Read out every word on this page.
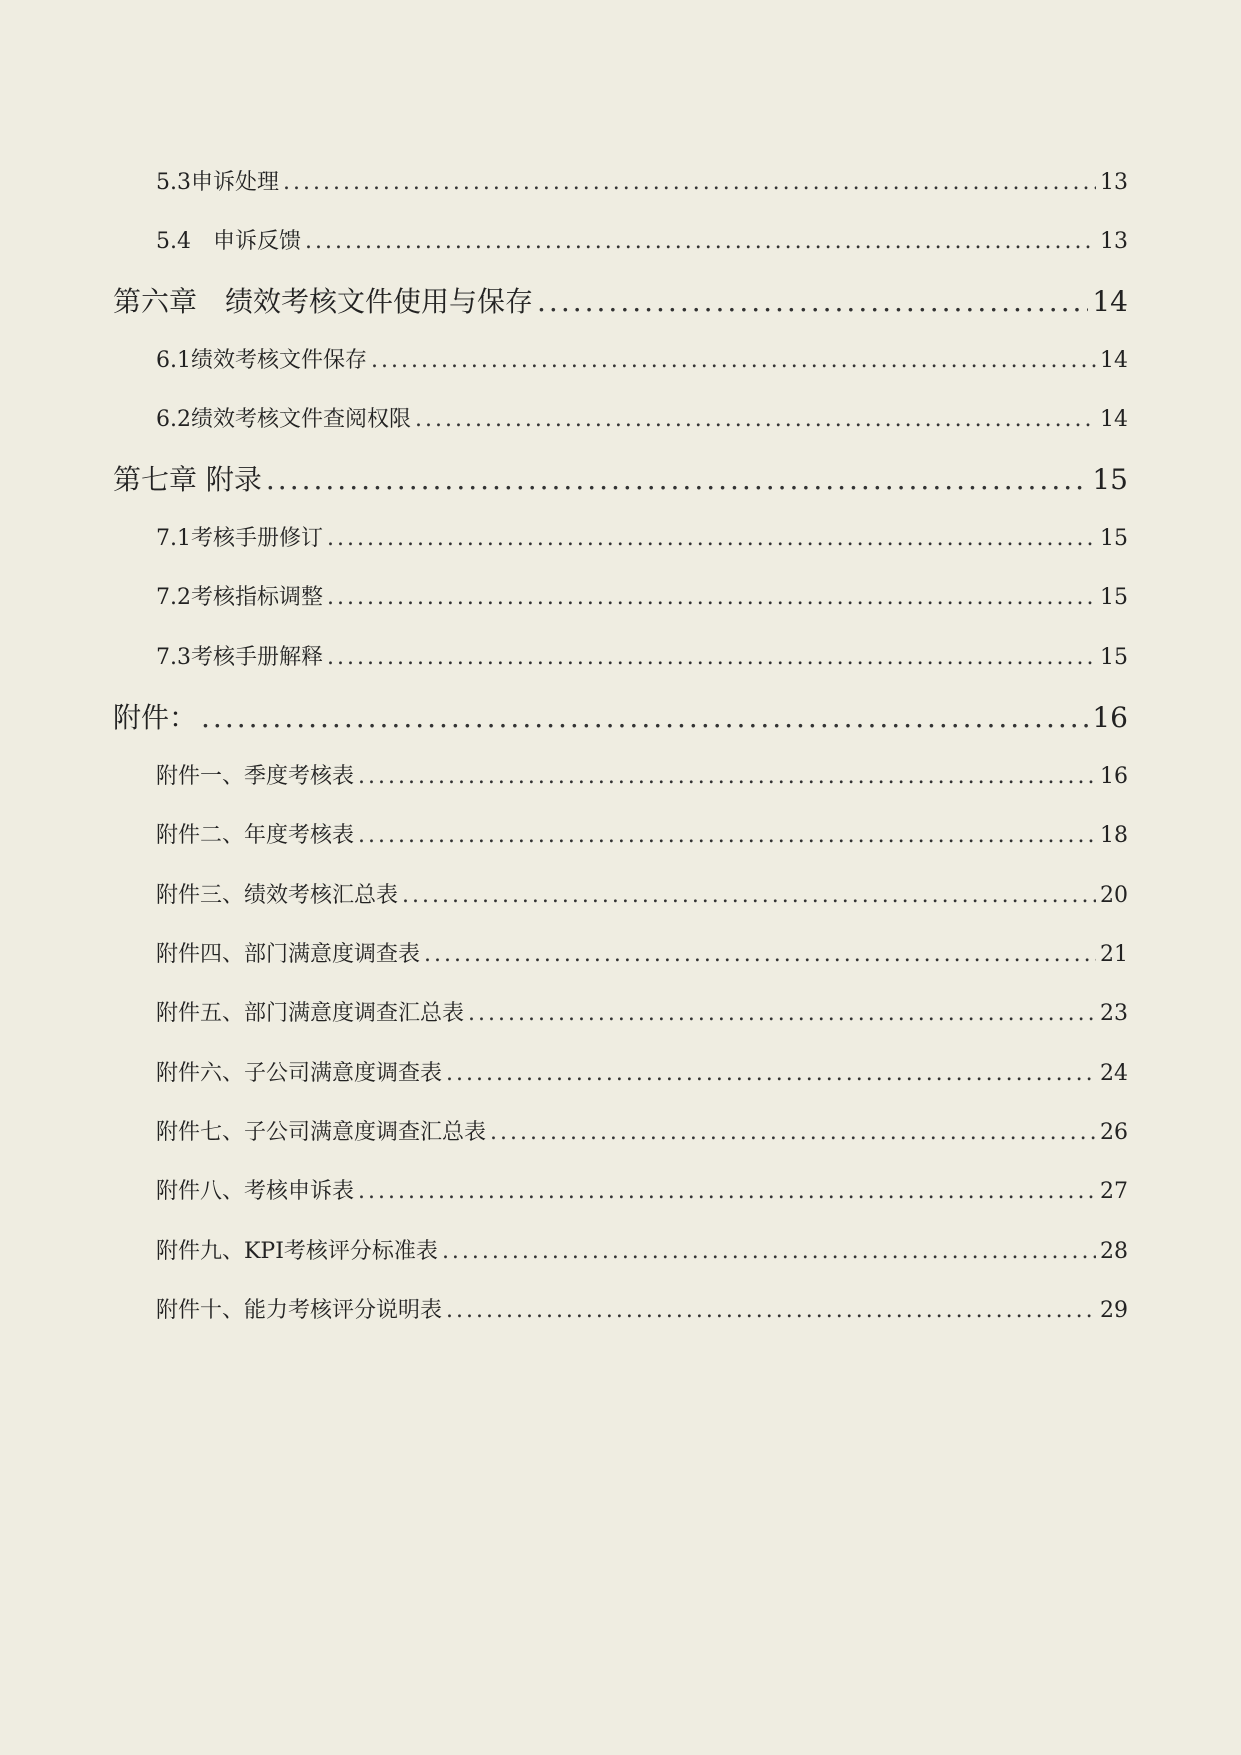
5.3申诉处理 .....	13
5.4　申诉反馈 .....	13
第六章　绩效考核文件使用与保存 .....	14
6.1绩效考核文件保存 .....	14
6.2绩效考核文件查阅权限 .....	14
第七章 附录 .....	15
7.1考核手册修订 .....	15
7.2考核指标调整 .....	15
7.3考核手册解释 .....	15
附件： .....	16
附件一、季度考核表 .....	16
附件二、年度考核表 .....	18
附件三、绩效考核汇总表 .....	20
附件四、部门满意度调查表 .....	21
附件五、部门满意度调查汇总表 .....	23
附件六、子公司满意度调查表 .....	24
附件七、子公司满意度调查汇总表 .....	26
附件八、考核申诉表 .....	27
附件九、KPI考核评分标准表 .....	28
附件十、能力考核评分说明表 .....	29
